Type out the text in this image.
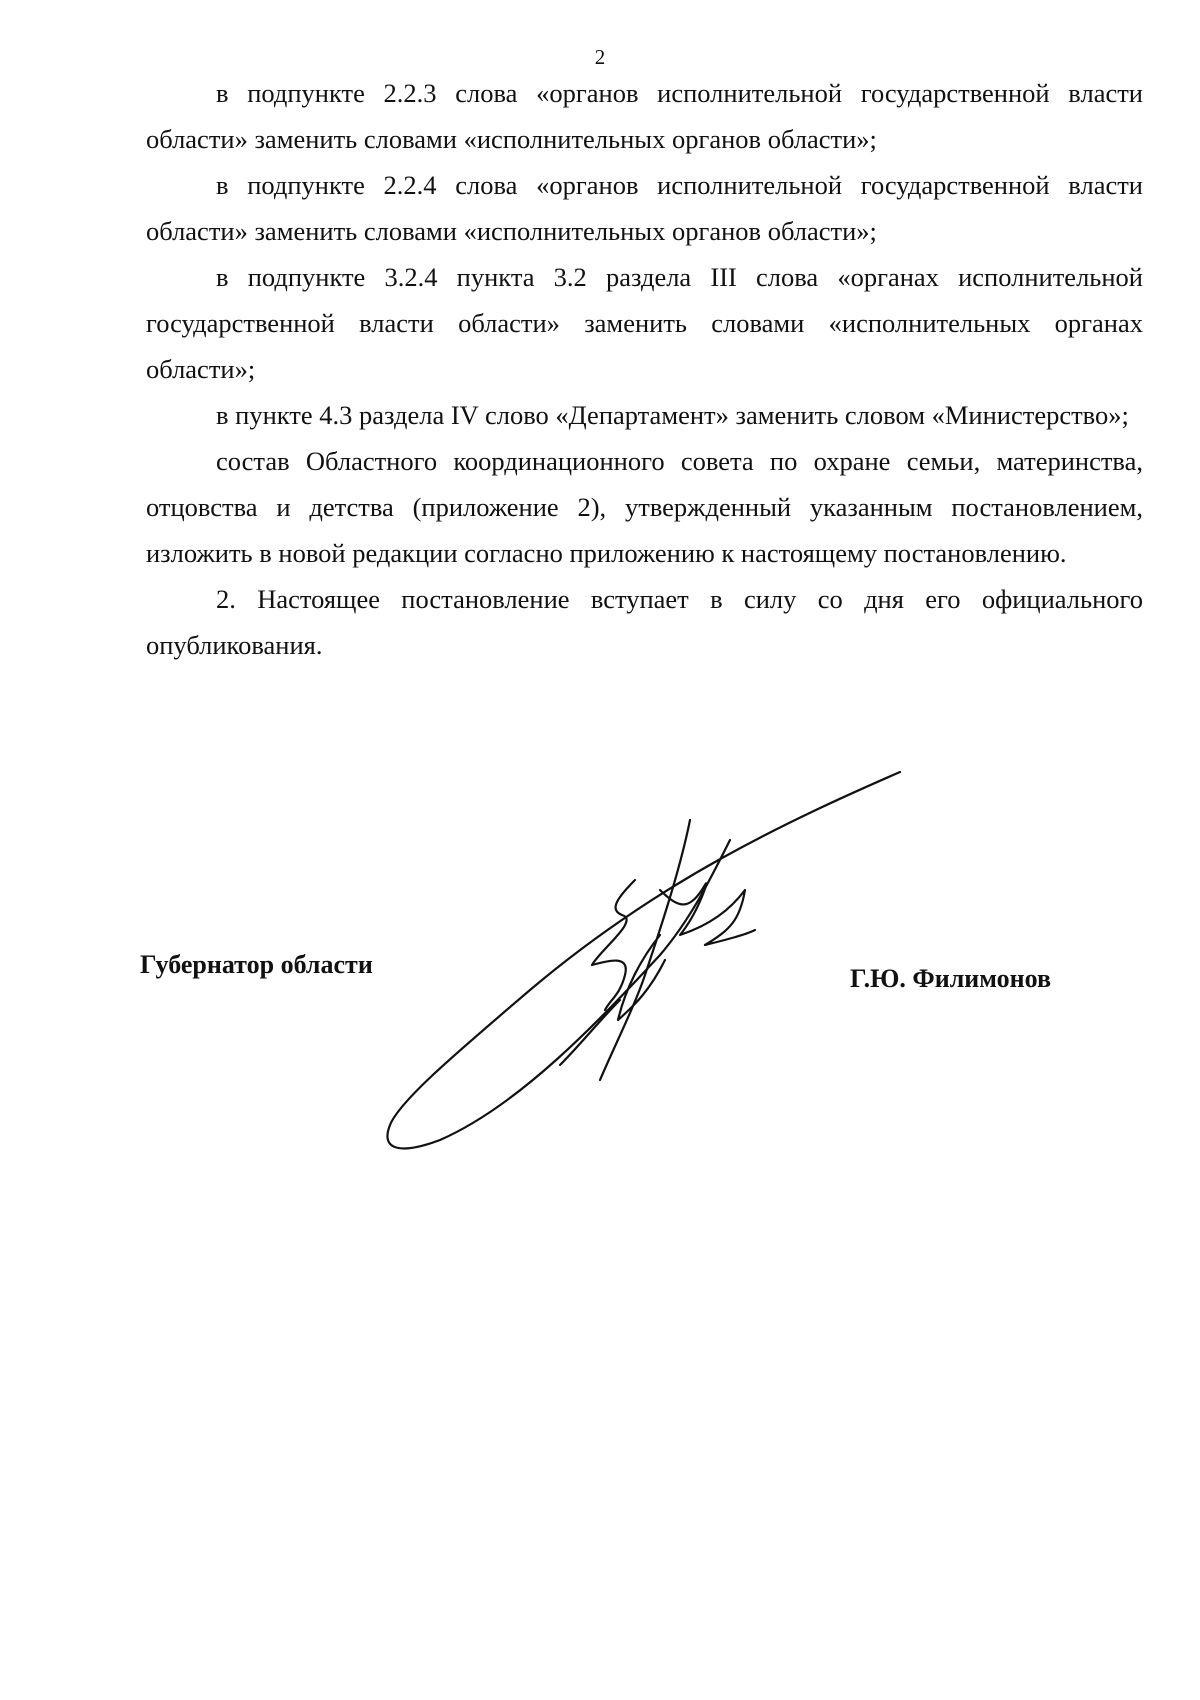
2

в подпункте 2.2.3 слова «органов исполнительной государственной власти области» заменить словами «исполнительных органов области»;

в подпункте 2.2.4 слова «органов исполнительной государственной власти области» заменить словами «исполнительных органов области»;

в подпункте 3.2.4 пункта 3.2 раздела III слова «органах исполнительной государственной власти области» заменить словами «исполнительных органах области»;

в пункте 4.3 раздела IV слово «Департамент» заменить словом «Министерство»;

состав Областного координационного совета по охране семьи, материнства, отцовства и детства (приложение 2), утвержденный указанным постановлением, изложить в новой редакции согласно приложению к настоящему постановлению.

2. Настоящее постановление вступает в силу со дня его официального опубликования.

Губернатор области	Г.Ю. Филимонов
